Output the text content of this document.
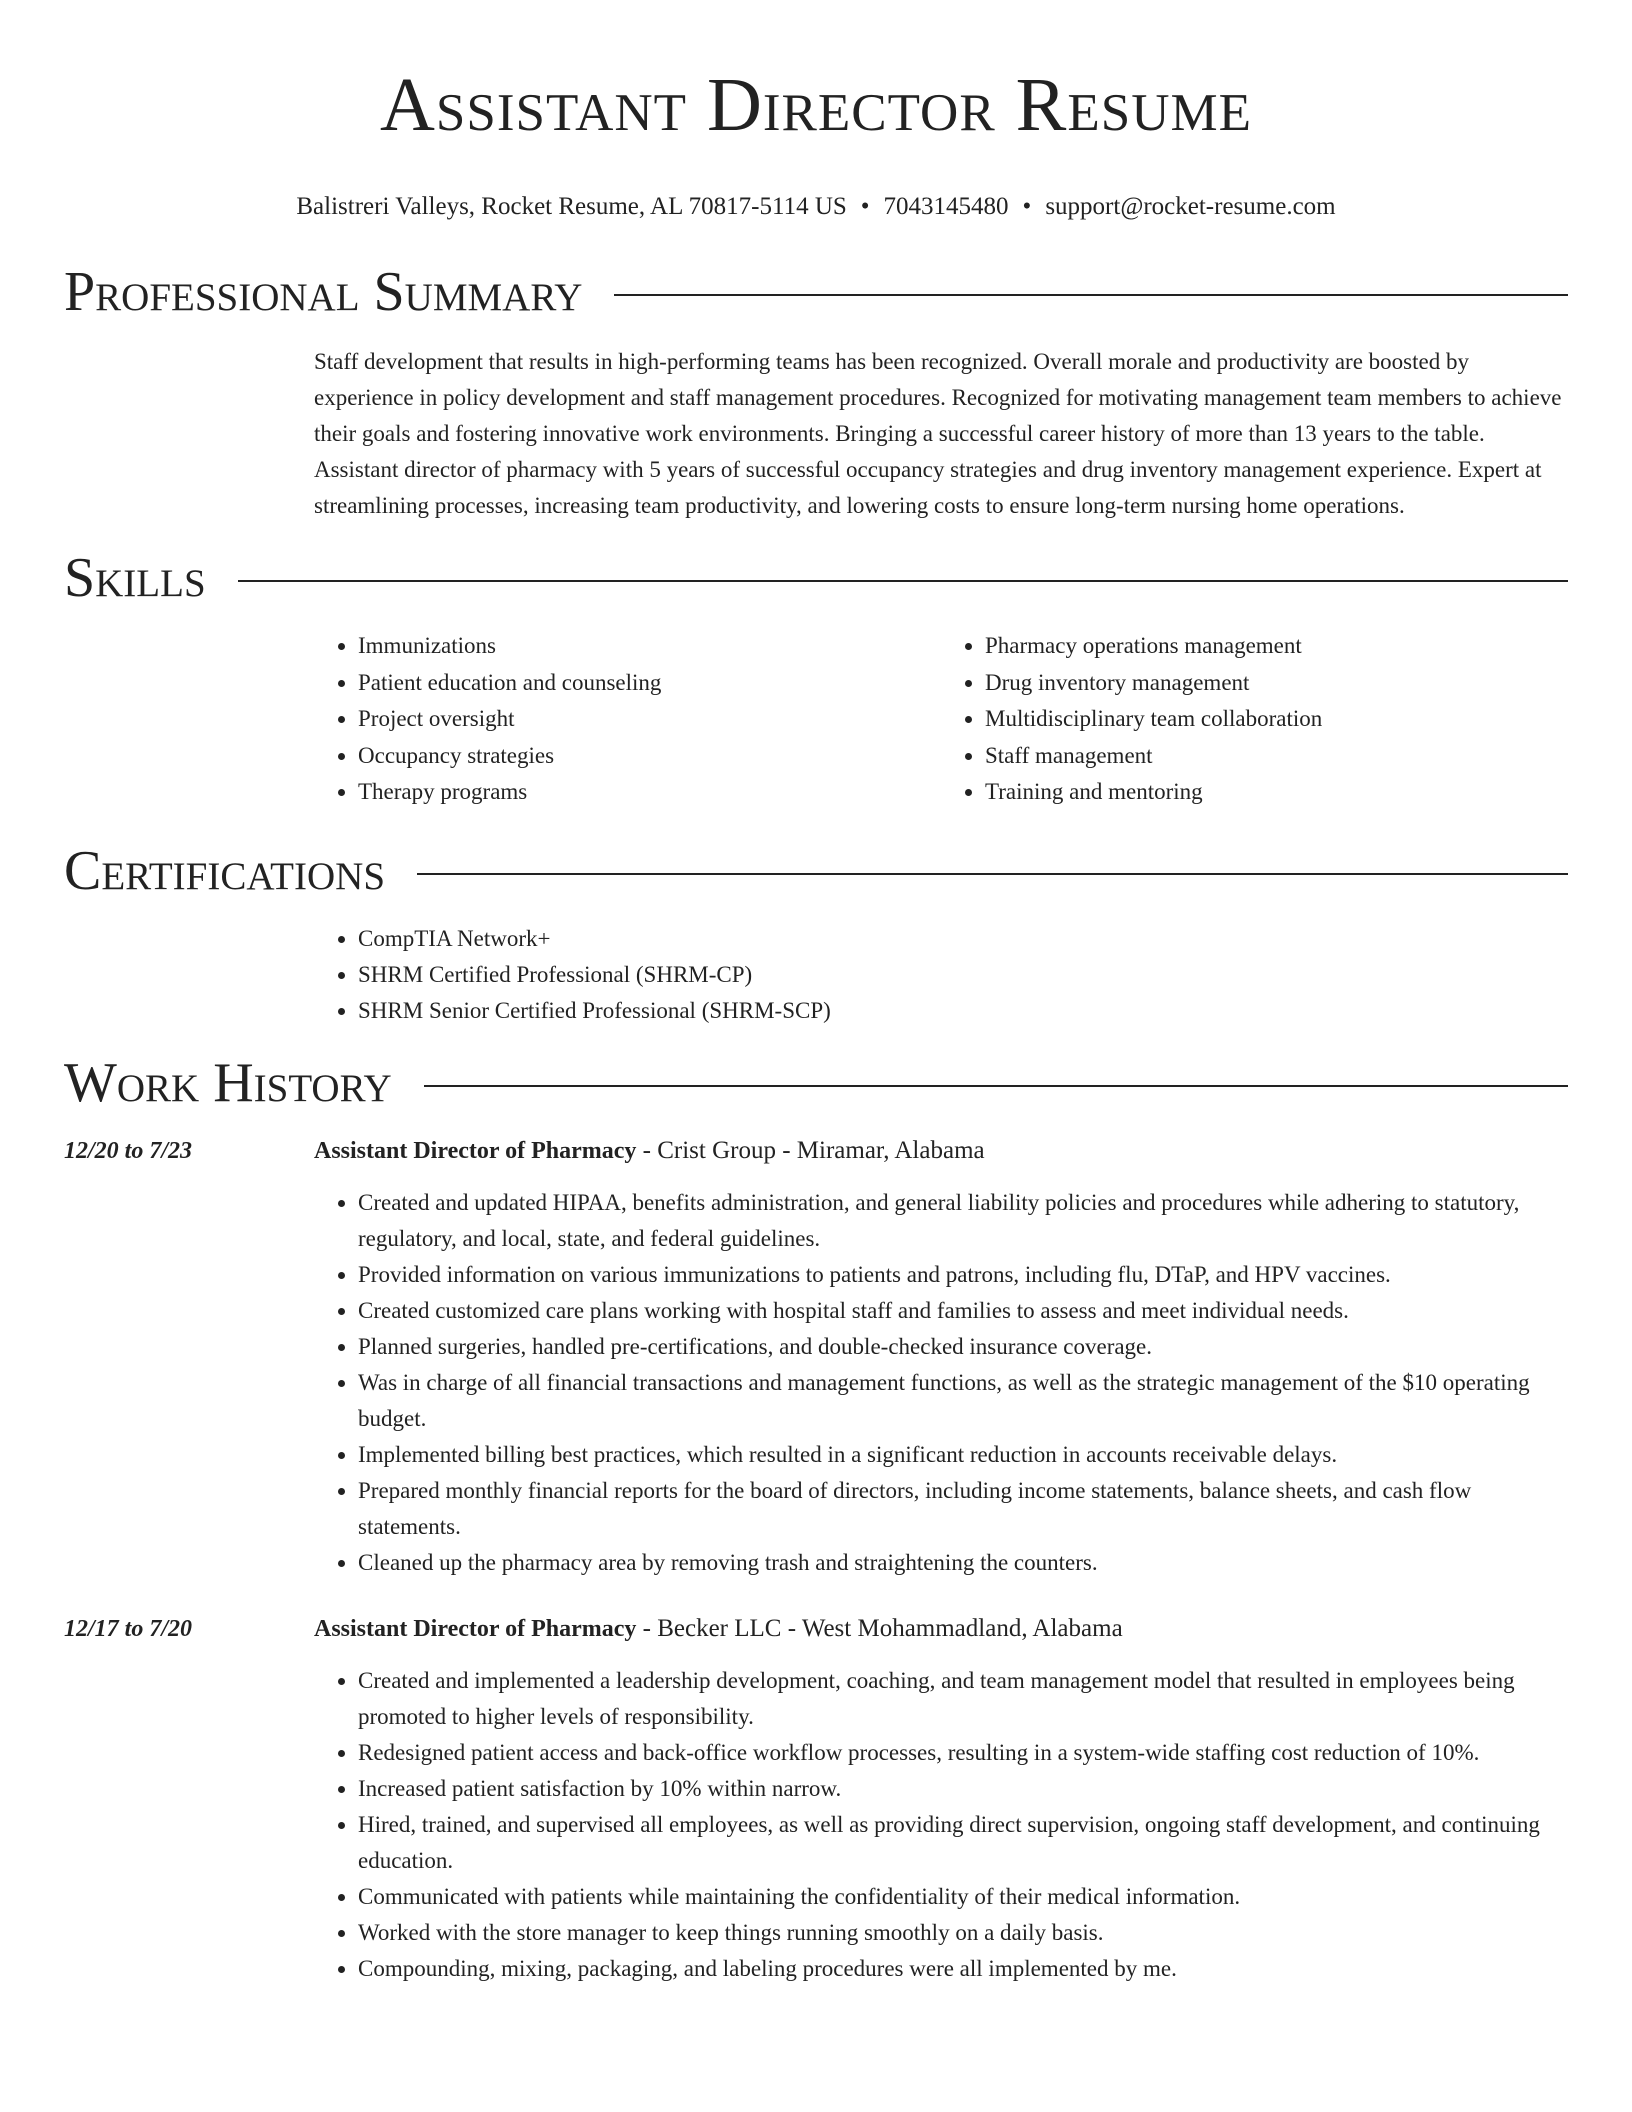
Assistant Director Resume
Balistreri Valleys, Rocket Resume, AL 70817-5114 US • 7043145480 • support@rocket-resume.com
Professional Summary

Staff development that results in high-performing teams has been recognized. Overall morale and productivity are boosted by experience in policy development and staff management procedures. Recognized for motivating management team members to achieve their goals and fostering innovative work environments. Bringing a successful career history of more than 13 years to the table. Assistant director of pharmacy with 5 years of successful occupancy strategies and drug inventory management experience. Expert at streamlining processes, increasing team productivity, and lowering costs to ensure long-term nursing home operations.

Skills
• Immunizations
• Patient education and counseling
• Project oversight
• Occupancy strategies
• Therapy programs
• Pharmacy operations management
• Drug inventory management
• Multidisciplinary team collaboration
• Staff management
• Training and mentoring
Certifications
• CompTIA Network+
• SHRM Certified Professional (SHRM-CP)
• SHRM Senior Certified Professional (SHRM-SCP)
Work History
12/20 to 7/23	Assistant Director of Pharmacy - Crist Group - Miramar, Alabama
• Created and updated HIPAA, benefits administration, and general liability policies and procedures while adhering to statutory, regulatory, and local, state, and federal guidelines.
• Provided information on various immunizations to patients and patrons, including flu, DTaP, and HPV vaccines.
• Created customized care plans working with hospital staff and families to assess and meet individual needs.
• Planned surgeries, handled pre-certifications, and double-checked insurance coverage.
• Was in charge of all financial transactions and management functions, as well as the strategic management of the $10 operating budget.
• Implemented billing best practices, which resulted in a significant reduction in accounts receivable delays.
• Prepared monthly financial reports for the board of directors, including income statements, balance sheets, and cash flow statements.
• Cleaned up the pharmacy area by removing trash and straightening the counters.
12/17 to 7/20	Assistant Director of Pharmacy - Becker LLC - West Mohammadland, Alabama
• Created and implemented a leadership development, coaching, and team management model that resulted in employees being promoted to higher levels of responsibility.
• Redesigned patient access and back-office workflow processes, resulting in a system-wide staffing cost reduction of 10%.
• Increased patient satisfaction by 10% within narrow.
• Hired, trained, and supervised all employees, as well as providing direct supervision, ongoing staff development, and continuing education.
• Communicated with patients while maintaining the confidentiality of their medical information.
• Worked with the store manager to keep things running smoothly on a daily basis.
• Compounding, mixing, packaging, and labeling procedures were all implemented by me.
